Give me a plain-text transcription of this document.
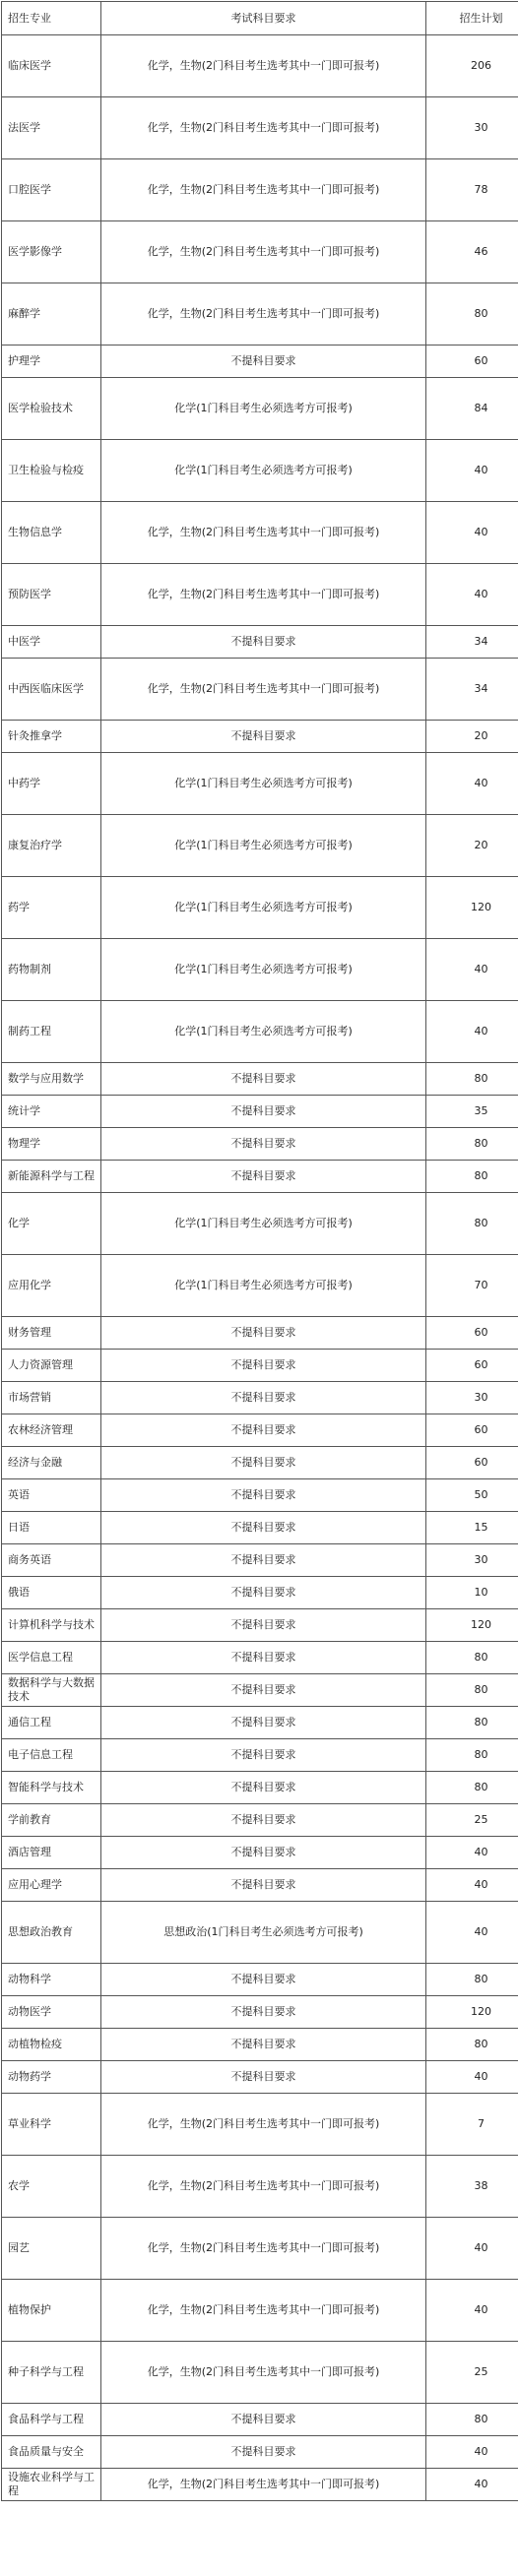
招生专业	考试科目要求	招生计划
临床医学	化学，生物(2门科目考生选考其中一门即可报考)	206
法医学	化学，生物(2门科目考生选考其中一门即可报考)	30
口腔医学	化学，生物(2门科目考生选考其中一门即可报考)	78
医学影像学	化学，生物(2门科目考生选考其中一门即可报考)	46
麻醉学	化学，生物(2门科目考生选考其中一门即可报考)	80
护理学	不提科目要求	60
医学检验技术	化学(1门科目考生必须选考方可报考)	84
卫生检验与检疫	化学(1门科目考生必须选考方可报考)	40
生物信息学	化学，生物(2门科目考生选考其中一门即可报考)	40
预防医学	化学，生物(2门科目考生选考其中一门即可报考)	40
中医学	不提科目要求	34
中西医临床医学	化学，生物(2门科目考生选考其中一门即可报考)	34
针灸推拿学	不提科目要求	20
中药学	化学(1门科目考生必须选考方可报考)	40
康复治疗学	化学(1门科目考生必须选考方可报考)	20
药学	化学(1门科目考生必须选考方可报考)	120
药物制剂	化学(1门科目考生必须选考方可报考)	40
制药工程	化学(1门科目考生必须选考方可报考)	40
数学与应用数学	不提科目要求	80
统计学	不提科目要求	35
物理学	不提科目要求	80
新能源科学与工程	不提科目要求	80
化学	化学(1门科目考生必须选考方可报考)	80
应用化学	化学(1门科目考生必须选考方可报考)	70
财务管理	不提科目要求	60
人力资源管理	不提科目要求	60
市场营销	不提科目要求	30
农林经济管理	不提科目要求	60
经济与金融	不提科目要求	60
英语	不提科目要求	50
日语	不提科目要求	15
商务英语	不提科目要求	30
俄语	不提科目要求	10
计算机科学与技术	不提科目要求	120
医学信息工程	不提科目要求	80
数据科学与大数据技术	不提科目要求	80
通信工程	不提科目要求	80
电子信息工程	不提科目要求	80
智能科学与技术	不提科目要求	80
学前教育	不提科目要求	25
酒店管理	不提科目要求	40
应用心理学	不提科目要求	40
思想政治教育	思想政治(1门科目考生必须选考方可报考)	40
动物科学	不提科目要求	80
动物医学	不提科目要求	120
动植物检疫	不提科目要求	80
动物药学	不提科目要求	40
草业科学	化学，生物(2门科目考生选考其中一门即可报考)	7
农学	化学，生物(2门科目考生选考其中一门即可报考)	38
园艺	化学，生物(2门科目考生选考其中一门即可报考)	40
植物保护	化学，生物(2门科目考生选考其中一门即可报考)	40
种子科学与工程	化学，生物(2门科目考生选考其中一门即可报考)	25
食品科学与工程	不提科目要求	80
食品质量与安全	不提科目要求	40
设施农业科学与工程	化学，生物(2门科目考生选考其中一门即可报考)	40
